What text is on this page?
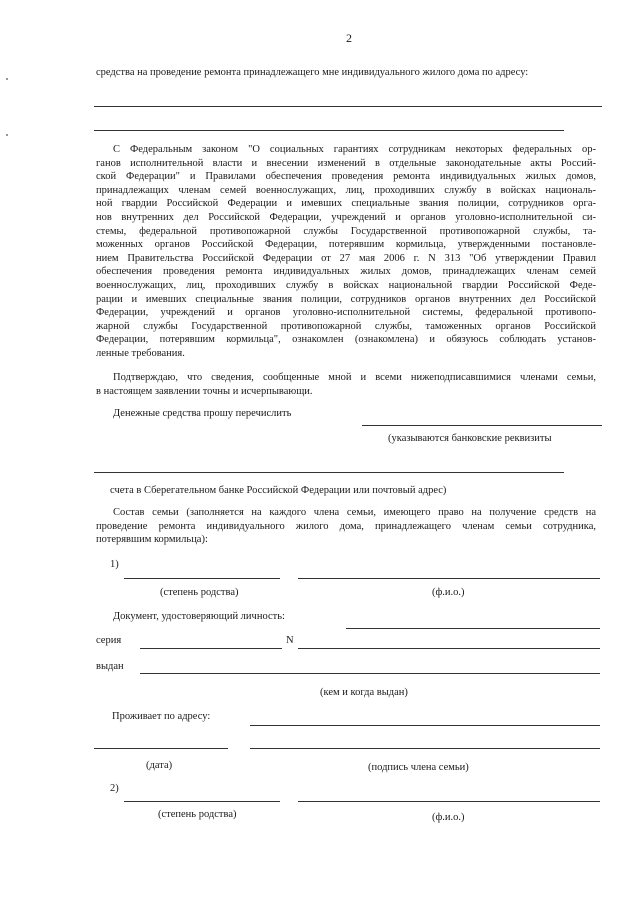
2
средства на проведение ремонта принадлежащего мне индивидуального жилого дома по адресу:
С Федеральным законом "О социальных гарантиях сотрудникам некоторых федеральных ор-
ганов исполнительной власти и внесении изменений в отдельные законодательные акты Россий-
ской Федерации" и Правилами обеспечения проведения ремонта индивидуальных жилых домов,
принадлежащих членам семей военнослужащих, лиц, проходивших службу в войсках националь-
ной гвардии Российской Федерации и имевших специальные звания полиции, сотрудников орга-
нов внутренних дел Российской Федерации, учреждений и органов уголовно-исполнительной си-
стемы, федеральной противопожарной службы Государственной противопожарной службы, та-
моженных органов Российской Федерации, потерявшим кормильца, утвержденными постановле-
нием Правительства Российской Федерации от 27 мая 2006 г. N 313 "Об утверждении Правил
обеспечения проведения ремонта индивидуальных жилых домов, принадлежащих членам семей
военнослужащих, лиц, проходивших службу в войсках национальной гвардии Российской Феде-
рации и имевших специальные звания полиции, сотрудников органов внутренних дел Российской
Федерации, учреждений и органов уголовно-исполнительной системы, федеральной противопо-
жарной службы Государственной противопожарной службы, таможенных органов Российской
Федерации, потерявшим кормильца", ознакомлен (ознакомлена) и обязуюсь соблюдать установ-
ленные требования.
Подтверждаю, что сведения, сообщенные мной и всеми нижеподписавшимися членами семьи,
в настоящем заявлении точны и исчерпывающи.
Денежные средства прошу перечислить
(указываются банковские реквизиты
счета в Сберегательном банке Российской Федерации или почтовый адрес)
Состав семьи (заполняется на каждого члена семьи, имеющего право на получение средств на
проведение ремонта индивидуального жилого дома, принадлежащего членам семьи сотрудника,
потерявшим кормильца):
1)
(степень родства)	(ф.и.о.)
Документ, удостоверяющий личность:
серия	N
выдан
(кем и когда выдан)
Проживает по адресу:
(дата)	(подпись члена семьи)
2)
(степень родства)	(ф.и.о.)
